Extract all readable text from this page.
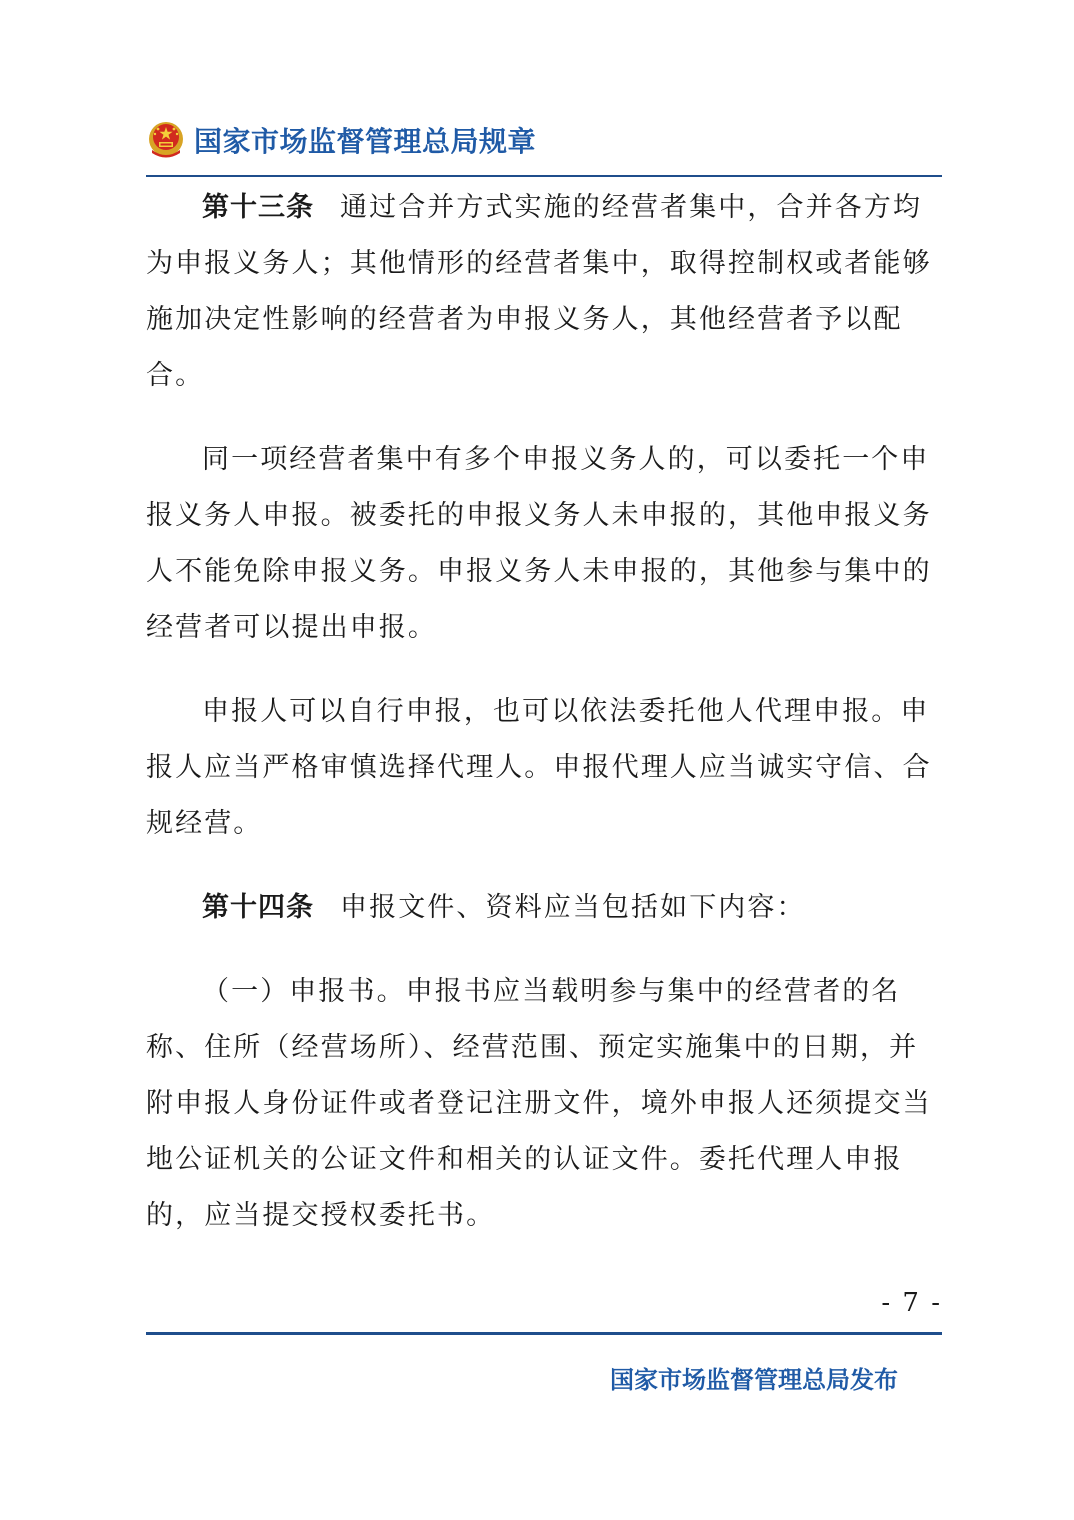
国家市场监督管理总局规章

第十三条 通过合并方式实施的经营者集中，合并各方均为申报义务人；其他情形的经营者集中，取得控制权或者能够施加决定性影响的经营者为申报义务人，其他经营者予以配合。

同一项经营者集中有多个申报义务人的，可以委托一个申报义务人申报。被委托的申报义务人未申报的，其他申报义务人不能免除申报义务。申报义务人未申报的，其他参与集中的经营者可以提出申报。

申报人可以自行申报，也可以依法委托他人代理申报。申报人应当严格审慎选择代理人。申报代理人应当诚实守信、合规经营。

第十四条 申报文件、资料应当包括如下内容：

（一）申报书。申报书应当载明参与集中的经营者的名称、住所（经营场所）、经营范围、预定实施集中的日期，并附申报人身份证件或者登记注册文件，境外申报人还须提交当地公证机关的公证文件和相关的认证文件。委托代理人申报的，应当提交授权委托书。

- 7 -
国家市场监督管理总局发布
